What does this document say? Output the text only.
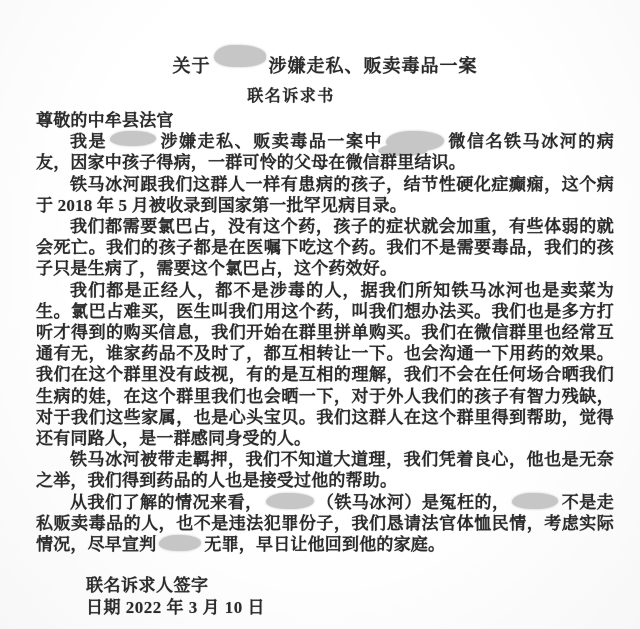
关于	涉嫌走私、贩卖毒品一案
联名诉求书

尊敬的中牟县法官

我是	涉嫌走私、贩卖毒品一案中	微信名铁马冰河的病友，因家中孩子得病，一群可怜的父母在微信群里结识。

铁马冰河跟我们这群人一样有患病的孩子，结节性硬化症癫痫，这个病于 2018 年 5 月被收录到国家第一批罕见病目录。

我们都需要氯巴占，没有这个药，孩子的症状就会加重，有些体弱的就会死亡。我们的孩子都是在医嘱下吃这个药。我们不是需要毒品，我们的孩子只是生病了，需要这个氯巴占，这个药效好。

我们都是正经人，都不是涉毒的人，据我们所知铁马冰河也是卖菜为生。氯巴占难买，医生叫我们用这个药，叫我们想办法买。我们也是多方打听才得到的购买信息，我们开始在群里拼单购买。我们在微信群里也经常互通有无，谁家药品不及时了，都互相转让一下。也会沟通一下用药的效果。我们在这个群里没有歧视，有的是互相的理解，我们不会在任何场合晒我们生病的娃，在这个群里我们也会晒一下，对于外人我们的孩子有智力残缺，对于我们这些家属，也是心头宝贝。我们这群人在这个群里得到帮助，觉得还有同路人，是一群感同身受的人。

铁马冰河被带走羁押，我们不知道大道理，我们凭着良心，他也是无奈之举，我们得到药品的人也是接受过他的帮助。

从我们了解的情况来看，	（铁马冰河）是冤枉的，	不是走私贩卖毒品的人，也不是违法犯罪份子，我们恳请法官体恤民情，考虑实际情况，尽早宣判	无罪，早日让他回到他的家庭。

联名诉求人签字

日期 2022 年 3 月 10 日
